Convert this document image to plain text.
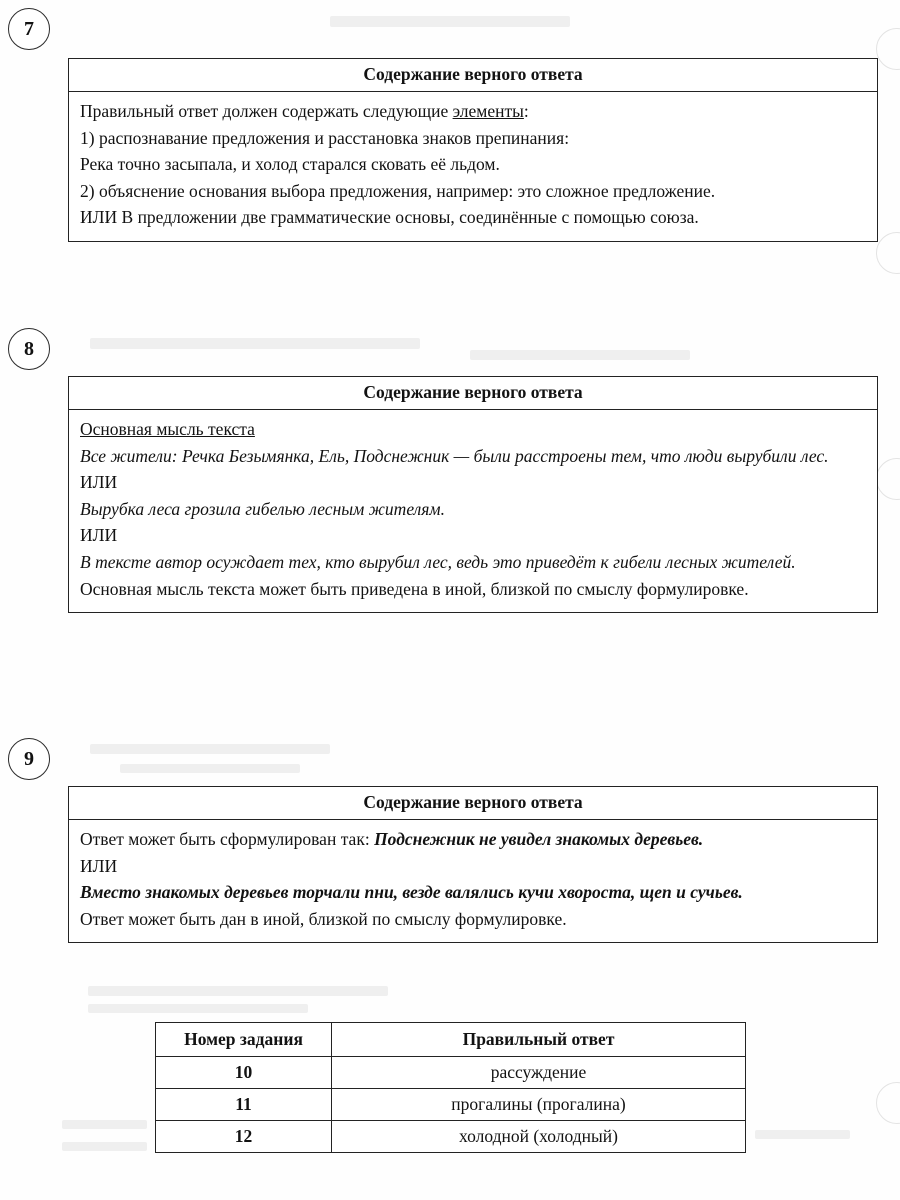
7
Содержание верного ответа

Правильный ответ должен содержать следующие элементы:

1) распознавание предложения и расстановка знаков препинания:

Река точно засыпала, и холод старался сковать её льдом.

2) объяснение основания выбора предложения, например: это сложное предложение.

ИЛИ В предложении две грамматические основы, соединённые с помощью союза.

8
Содержание верного ответа

Основная мысль текста

Все жители: Речка Безымянка, Ель, Подснежник — были расстроены тем, что люди вырубили лес.

ИЛИ

Вырубка леса грозила гибелью лесным жителям.

ИЛИ

В тексте автор осуждает тех, кто вырубил лес, ведь это приведёт к гибели лесных жителей.

Основная мысль текста может быть приведена в иной, близкой по смыслу формулировке.

9
Содержание верного ответа

Ответ может быть сформулирован так: Подснежник не увидел знакомых деревьев.

ИЛИ

Вместо знакомых деревьев торчали пни, везде валялись кучи хвороста, щеп и сучьев.

Ответ может быть дан в иной, близкой по смыслу формулировке.

Номер задания	Правильный ответ
10	рассуждение
11	прогалины (прогалина)
12	холодной (холодный)
